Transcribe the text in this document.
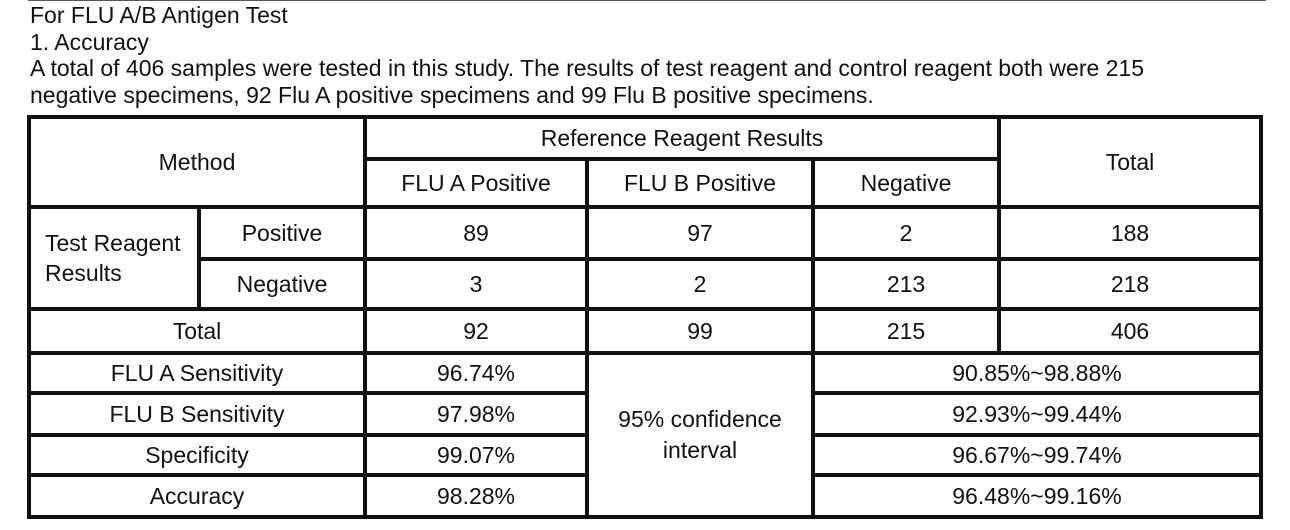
For FLU A/B Antigen Test
1. Accuracy
A total of 406 samples were tested in this study. The results of test reagent and control reagent both were 215
negative specimens, 92 Flu A positive specimens and 99 Flu B positive specimens.
Method		Reference Reagent Results			Total
		FLU A Positive	FLU B Positive	Negative	
Test Reagent Results	Positive	89	97	2	188
	Negative	3	2	213	218
Total		92	99	215	406
FLU A Sensitivity		96.74%	95% confidence interval	90.85%~98.88%	
FLU B Sensitivity		97.98%		92.93%~99.44%	
Specificity		99.07%		96.67%~99.74%	
Accuracy		98.28%		96.48%~99.16%	
